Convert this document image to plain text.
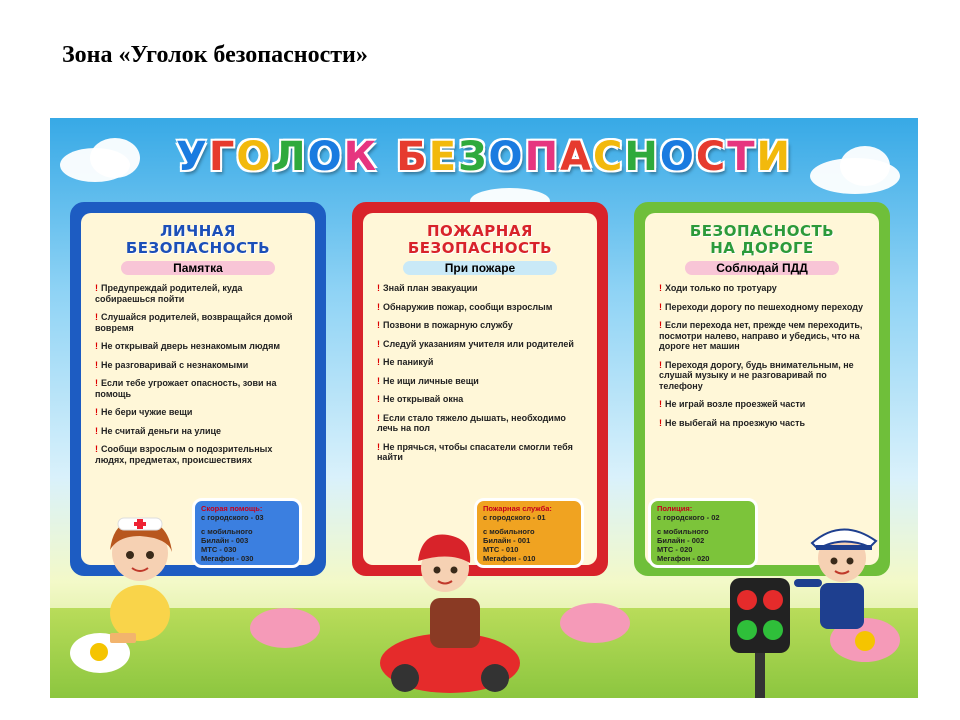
Зона «Уголок безопасности»
УГОЛОК БЕЗОПАСНОСТИ
ЛИЧНАЯ
БЕЗОПАСНОСТЬ
Памятка
! Предупреждай родителей, куда собираешься пойти
! Слушайся родителей, возвращайся домой вовремя
! Не открывай дверь незнакомым людям
! Не разговаривай с незнакомыми
! Если тебе угрожает опасность, зови на помощь
! Не бери чужие вещи
! Не считай деньги на улице
! Сообщи взрослым о подозрительных людях, предметах, происшествиях
ПОЖАРНАЯ
БЕЗОПАСНОСТЬ
При пожаре
! Знай план эвакуации
! Обнаружив пожар, сообщи взрослым
! Позвони в пожарную службу
! Следуй указаниям учителя или родителей
! Не паникуй
! Не ищи личные вещи
! Не открывай окна
! Если стало тяжело дышать, необходимо лечь на пол
! Не прячься, чтобы спасатели смогли тебя найти
БЕЗОПАСНОСТЬ
НА ДОРОГЕ
Соблюдай ПДД
! Ходи только по тротуару
! Переходи дорогу по пешеходному переходу
! Если перехода нет, прежде чем переходить, посмотри налево, направо и убедись, что на дороге нет машин
! Переходя дорогу, будь внимательным, не слушай музыку и не разговаривай по телефону
! Не играй возле проезжей части
! Не выбегай на проезжую часть
Скорая помощь:
с городского - 03
с мобильного
Билайн - 003
МТС - 030
Мегафон - 030
Пожарная служба:
с городского - 01
с мобильного
Билайн - 001
МТС - 010
Мегафон - 010
Полиция:
с городского - 02
с мобильного
Билайн - 002
МТС - 020
Мегафон - 020
